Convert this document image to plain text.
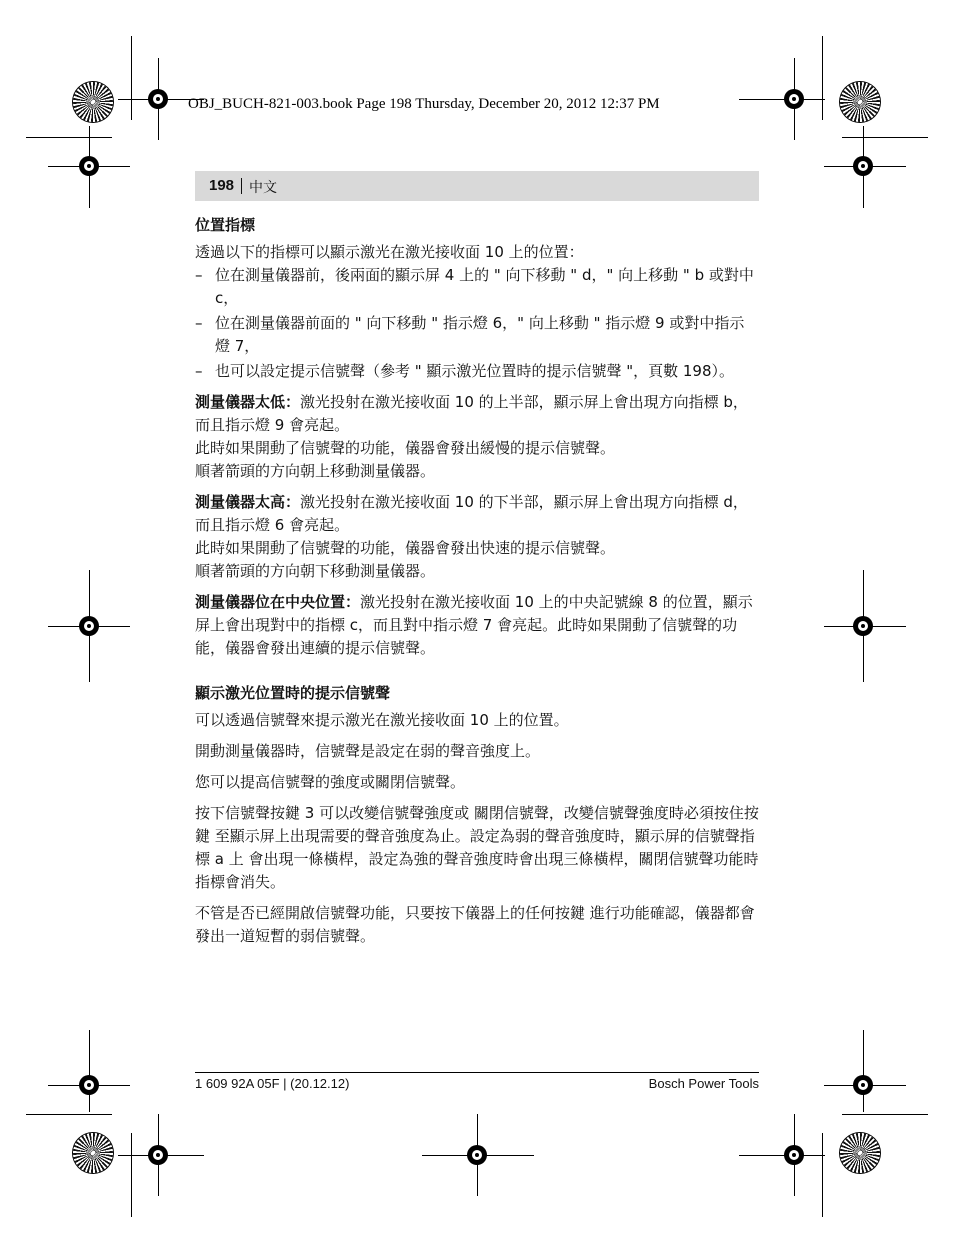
OBJ_BUCH-821-003.book Page 198 Thursday, December 20, 2012 12:37 PM
198 中文

位置指標

透過以下的指標可以顯示激光在激光接收面 10 上的位置：

– 位在測量儀器前，後兩面的顯示屏 4 上的 " 向下移動 " d，" 向上移動 " b 或對中 c，
– 位在測量儀器前面的 " 向下移動 " 指示燈 6，" 向上移動 " 指示燈 9 或對中指示燈 7，
– 也可以設定提示信號聲（參考 " 顯示激光位置時的提示信號聲 "，頁數 198）。

測量儀器太低：激光投射在激光接收面 10 的上半部，顯示屏上會出現方向指標 b，而且指示燈 9 會亮起。

此時如果開動了信號聲的功能，儀器會發出緩慢的提示信號聲。

順著箭頭的方向朝上移動測量儀器。

測量儀器太高：激光投射在激光接收面 10 的下半部，顯示屏上會出現方向指標 d，而且指示燈 6 會亮起。

此時如果開動了信號聲的功能，儀器會發出快速的提示信號聲。

順著箭頭的方向朝下移動測量儀器。

測量儀器位在中央位置：激光投射在激光接收面 10 上的中央記號線 8 的位置，顯示屏上會出現對中的指標 c，而且對中指示燈 7 會亮起。此時如果開動了信號聲的功能，儀器會發出連續的提示信號聲。

顯示激光位置時的提示信號聲

可以透過信號聲來提示激光在激光接收面 10 上的位置。

開動測量儀器時，信號聲是設定在弱的聲音強度上。

您可以提高信號聲的強度或關閉信號聲。

按下信號聲按鍵 3 可以改變信號聲強度或 關閉信號聲，改變信號聲強度時必須按住按鍵 至顯示屏上出現需要的聲音強度為止。設定為弱的聲音強度時，顯示屏的信號聲指標 a 上 會出現一條橫桿，設定為強的聲音強度時會出現三條橫桿，關閉信號聲功能時指標會消失。

不管是否已經開啟信號聲功能，只要按下儀器上的任何按鍵 進行功能確認，儀器都會發出一道短暫的弱信號聲。

1 609 92A 05F | (20.12.12)	Bosch Power Tools
